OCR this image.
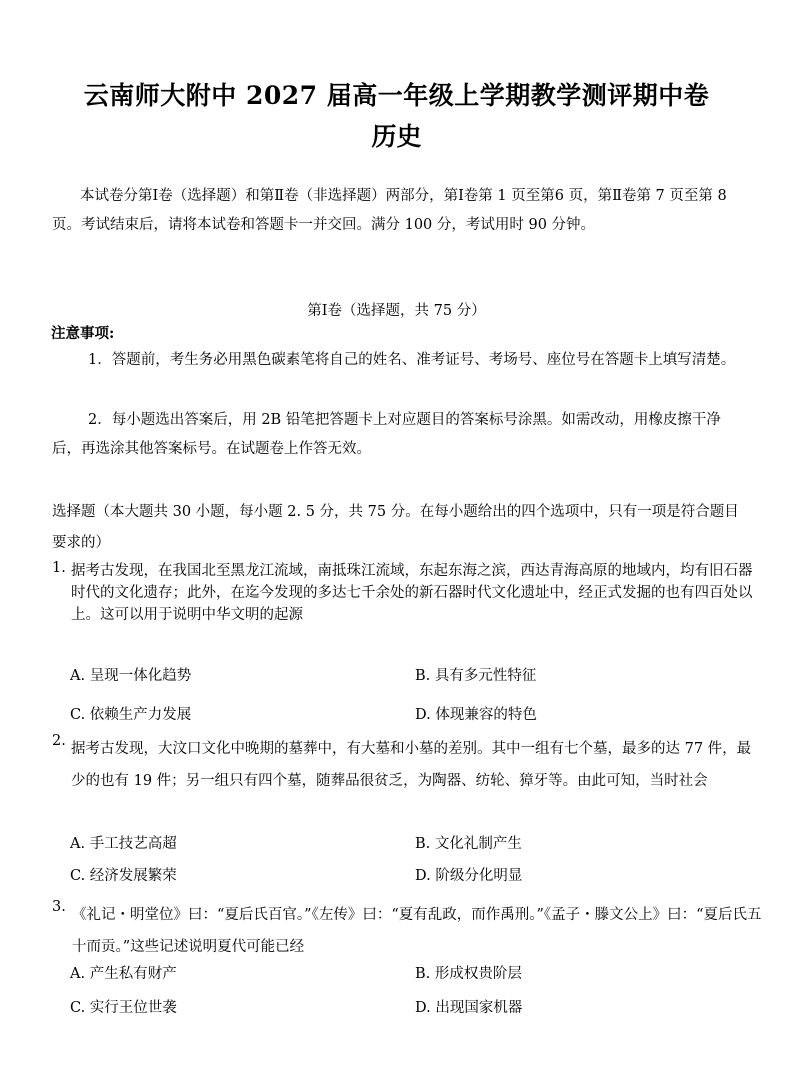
云南师大附中 2027 届高一年级上学期教学测评期中卷
历史
本试卷分第Ⅰ卷（选择题）和第Ⅱ卷（非选择题）两部分，第Ⅰ卷第 1 页至第6 页，第Ⅱ卷第 7 页至第 8 页。考试结束后，请将本试卷和答题卡一并交回。满分 100 分，考试用时 90 分钟。
第Ⅰ卷（选择题，共 75 分）
注意事项:
1．答题前，考生务必用黑色碳素笔将自己的姓名、准考证号、考场号、座位号在答题卡上填写清楚。
2．每小题选出答案后，用 2B 铅笔把答题卡上对应题目的答案标号涂黑。如需改动，用橡皮擦干净后，再选涂其他答案标号。在试题卷上作答无效。
选择题（本大题共 30 小题，每小题 2. 5 分，共 75 分。在每小题给出的四个选项中，只有一项是符合题目要求的）
1. 据考古发现，在我国北至黑龙江流域，南抵珠江流域，东起东海之滨，西达青海高原的地域内，均有旧石器时代的文化遗存；此外，在迄今发现的多达七千余处的新石器时代文化遗址中，经正式发掘的也有四百处以上。这可以用于说明中华文明的起源
A. 呈现一体化趋势	B. 具有多元性特征
C. 依赖生产力发展	D. 体现兼容的特色
2. 据考古发现，大汶口文化中晚期的墓葬中，有大墓和小墓的差别。其中一组有七个墓，最多的达 77 件，最少的也有 19 件；另一组只有四个墓，随葬品很贫乏，为陶器、纺轮、獐牙等。由此可知，当时社会
A. 手工技艺高超	B. 文化礼制产生
C. 经济发展繁荣	D. 阶级分化明显
3. 《礼记・明堂位》曰：“夏后氏百官。”《左传》曰：“夏有乱政，而作禹刑。”《孟子・滕文公上》曰：“夏后氏五十而贡。”这些记述说明夏代可能已经
A. 产生私有财产	B. 形成权贵阶层
C. 实行王位世袭	D. 出现国家机器
